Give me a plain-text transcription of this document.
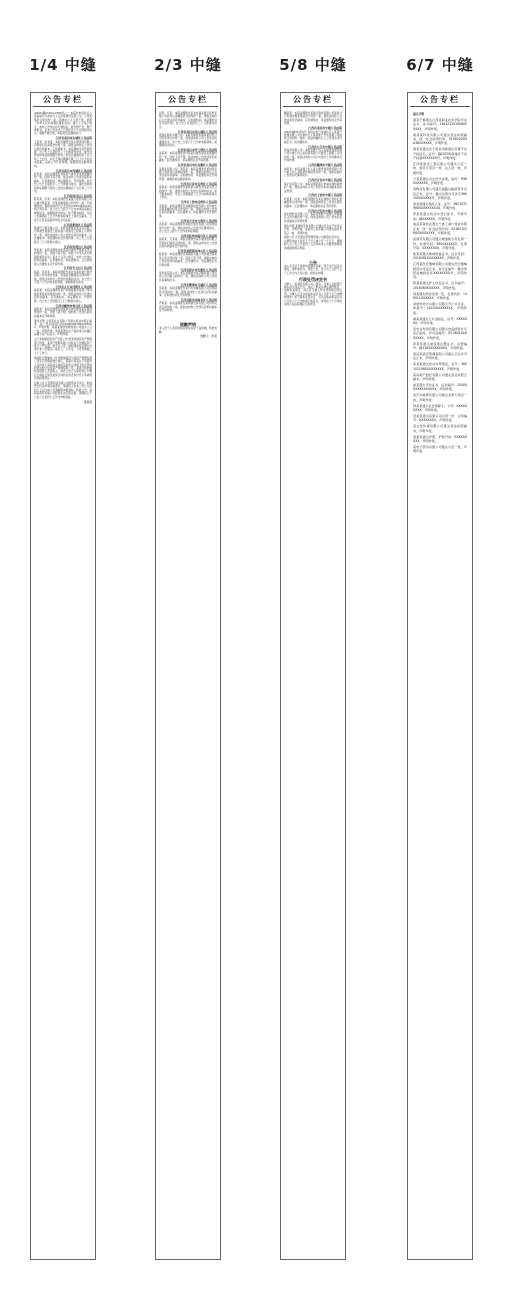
1/4 中缝	2/3 中缝	5/8 中缝	6/7 中缝
公告专栏
(2025)赣0102执2300号之一 本院依申请执行人南昌银行与被执行人江西某商贸有限公司、王某某借款合同纠纷一案，因被执行人下落不明，依照《中华人民共和国民事诉讼法》第九十五条之规定，向你公告送达执行通知书、报告财产令、财产申报表。自本公告发出之日起经过六十日即视为送达。逾期不履行的，本院将依法强制执行。
江西省南昌市东湖区人民法院
王某某、李某某：本院受理原告某小额贷款有限公司诉你们民间借贷纠纷一案，现依法向你们公告送达起诉状副本、应诉通知书、举证通知书及开庭传票。自公告之日起经过三十日即视为送达。提出答辩状和举证的期限分别为公告送达期满后的十五日和三十日内，并定于举证期满后第三日上午九时在本院第三法庭公开开庭审理，逾期将依法缺席裁判。
江西省南昌市西湖区人民法院
张某某：本院受理原告刘某某与被告张某某离婚纠纷一案，因你下落不明，依法向你公告送达起诉状副本、应诉通知书、举证通知书、开庭传票。自发出公告之日起经过三十日即视为送达。提出答辩状和举证期限分别为公告送达期满后十五日和三十日内。
江西省南昌县人民法院
陈某某、彭某：本院受理原告某银行股份有限公司与被告陈某某、彭某金融借款合同纠纷一案，已审理终结。现依法向你们公告送达(2025)赣0121民初字判决书。自公告之日起六十日内来本院领取民事判决书，逾期则视为送达。如不服本判决，可在公告期满后十五日内向本院递交上诉状及副本，上诉于江西省南昌市中级人民法院。
江西省新建区人民法院
某建设工程有限公司：本院受理原告某劳务有限公司诉被告某建设工程有限公司建设工程施工合同纠纷一案，现依法向你公司公告送达起诉状副本、应诉通知书、举证通知书及开庭传票。自公告之日起经过三十日即视为送达。
江西省进贤县人民法院
罗某某：本院受理原告熊某某诉被告罗某某买卖合同纠纷一案，因你下落不明，依照《中华人民共和国民事诉讼法》第九十五条之规定，向你公告送达起诉状副本、应诉通知书、举证通知书、合议庭组成人员通知书及开庭传票。
江西省安义县人民法院
杨某、吴某某：本院受理原告某农村商业银行股份有限公司与被告杨某、吴某某金融借款合同纠纷一案，现依法向你们公告送达民事判决书。自公告之日起六十日内来本院领取，逾期即视为送达。
江西省九江市浔阳区人民法院
黄某某：本院受理原告某汽车销售服务有限公司诉被告黄某某追偿权纠纷一案，现依法向你公告送达起诉状副本、应诉通知书、举证通知书、开庭传票。自公告之日起经过三十日即视为送达。
江西省赣州市章贡区人民法院
谢某某：本院受理原告钟某某诉被告谢某某民间借贷纠纷一案，因你下落不明，现向你公告送达起诉状副本及开庭传票。
遗失声明 江西某实业有限公司遗失营业执照正副本，统一社会信用代码9136010079XXXXXXXX，声明作废。南昌某餐饮管理有限公司遗失公章一枚，声明作废。刘某某遗失位于南昌市红谷滩区房屋不动产权证书，声明作废。
关于并购重组及资产处置公告 经某市国有资产管理部门批准，某资产管理有限公司拟对下列债权资产进行公开处置，现予以公告。债权明细及处置方式请与本公司联系。联系人：万先生。公告有效期二十个工作日。
债权转让暨催收公告 根据某银行与某资产管理有限公司签订的债权转让协议，某银行将其对下列借款人及担保人享有的主债权及担保合同项下的全部权利依法转让给某资产管理有限公司。某银行特此通知各借款人及担保人，请自公告之日起向受让方履行主债权合同及担保合同约定的还本付息义务或相应的担保责任。
注销公告 江西某科技有限公司经股东会决议，拟向登记机关申请注销登记，请债权人自本公告之日起四十五日内向公司清算组申报债权。特此公告。南昌某商贸有限公司经股东决定拟注销，请债权人于公告之日起四十五日内申报债权。
清算组
公告专栏
彭某、万某：本院受理原告某农村商业银行股份有限公司诉你们金融借款合同纠纷一案，现依法向你们公告送达起诉状副本、应诉通知书、举证通知书及开庭传票。自公告之日起经过三十日即视为送达。
江西省南昌市青山湖区人民法院
某物业服务有限公司：本院受理原告胡某某诉你公司劳动争议纠纷一案，现依法向你公司公告送达民事判决书，自公告之日起六十日内来本院领取，逾期即视为送达。
江西省南昌市青云谱区人民法院
涂某某：本院受理原告付某某诉被告涂某某离婚纠纷一案，因你下落不明，依法向你公告送达起诉状副本、应诉通知书、举证通知书及开庭传票。
江西省南昌市红谷滩区人民法院
某置业有限公司、邹某某：本院受理原告某担保有限公司诉你们追偿权纠纷一案，现依法向你们公告送达起诉状副本、应诉通知书、举证通知书及开庭传票，逾期将依法缺席裁判。
江西省宜春市袁州区人民法院
曾某某：本院受理原告晏某某诉被告曾某某买卖合同纠纷一案，现依法向你公告送达民事判决书。如不服本判决，可在公告期满后十五日内向本院递交上诉状。
江西省上饶市信州区人民法院
余某某：本院受理原告某融资租赁有限公司诉被告余某某融资租赁合同纠纷一案，现依法向你公告送达起诉状副本、应诉通知书、举证通知书及开庭传票。
江西省吉安市吉州区人民法院
肖某某：本院受理原告某银行股份有限公司诉你信用卡纠纷一案，现依法向你公告送达民事判决书，自公告之日起六十日内来本院领取。
江西省抚州市临川区人民法院
饶某某、艾某某：本院受理原告某小额贷款有限公司诉你们借款合同纠纷一案，现依法向你们公告送达起诉状副本及开庭传票。
江西省景德镇市珠山区人民法院
程某某：本院受理原告某陶瓷有限公司诉被告程某某买卖合同纠纷一案，因你下落不明，现依法向你公告送达起诉状副本、应诉通知书、举证通知书及开庭传票。
江西省萍乡市安源区人民法院
某贸易有限公司：本院受理原告某运输有限公司诉你公司运输合同纠纷一案，现依法向你公司公告送达民事判决书。
江西省鹰潭市月湖区人民法院
吴某某：本院受理原告某汽车金融有限公司诉你借款合同纠纷一案，现依法向你公告送达起诉状副本、应诉通知书及开庭传票。
江西省新余市渝水区人民法院
严某某：本院受理原告某钢铁贸易有限公司诉你买卖合同纠纷一案，现依法向你公告送达起诉状副本及开庭传票。
致歉声明
本人因个人原因对相关单位造成不良影响，特此致歉。
致歉人：徐某
公告专栏
魏某某：本院受理原告某银行股份有限公司南昌分行诉被告魏某某信用卡纠纷一案，现依法向你公告送达起诉状副本、应诉通知书、举证通知书及开庭传票。
江西省南昌市中级人民法院
(2025)赣01执恢号 本院在执行申请执行人某资产管理有限公司与被执行人某房地产开发有限公司借款合同纠纷一案中，依法向被执行人公告送达执行裁定书、拍卖通知书。
江西省九江市中级人民法院
某投资有限公司：本院受理上诉人某建设集团有限公司与被上诉人某投资有限公司建设工程施工合同纠纷一案，现依法向你公司公告送达上诉状副本及开庭传票。
江西省赣州市中级人民法院
刘某某：本院受理上诉人某小额贷款股份有限公司与被上诉人刘某某民间借贷纠纷一案，现依法向你公告送达民事判决书。
江西省宜春市中级人民法院
某矿业有限公司：本院受理某银行申请实现担保物权一案，现依法向你公司公告送达申请书副本及听证传票。
江西省上饶市中级人民法院
叶某某、叶某：本院受理原告某农商银行诉你们金融借款合同纠纷一案，现依法向你们公告送达起诉状副本、应诉通知书、举证通知书及开庭传票。
江西省吉安市中级人民法院
某生物科技有限公司：本院受理破产管理人申请确认合同无效纠纷一案，现依法向你公司公告送达起诉状副本及开庭传票。
遗失声明 某建筑劳务有限公司遗失安全生产许可证正本，声明作废。某装饰工程有限公司遗失财务专用章一枚，声明作废。
减资公告 江西某投资管理有限公司经股东会决议，注册资本由人民币五千万元减少至一千万元，请债权人自公告之日起四十五日内向本公司要求清偿债务或提供相应担保。
公告
本人名下位于南昌市东湖区房屋，因不动产权证书遗失，现申请补办，特此公告。自公告之日起十五个工作日内无异议的，将依法办理。
行政处罚决定书
当事人：某餐饮有限公司。经查，当事人在经营过程中存在违法行为，违反了相关法律法规的规定，依据有关规定，决定对当事人作出罚款的行政处罚。当事人应当自收到本决定书之日起十五日内缴纳罚款。如不服本处罚决定，可以在收到本决定书之日起六十日内申请行政复议，或者在六个月内依法向人民法院提起行政诉讼。
公告专栏
遗失声明
黄某不慎遗失江西某职业技术学院毕业证书，证书编号：136121201906000XXX，声明作废。
南昌某科技有限公司遗失营业执照副本，统一社会信用代码：91360100MA38XXXXXX，声明作废。
胡某某遗失位于南昌市新建区房屋不动产权证书，证号：赣(2020)新建区不动产权第00XXXXX号，声明作废。
江西某建设工程有限公司遗失公章一枚、财务专用章一枚、法人章一枚，声明作废。
万某某遗失出生医学证明，编号：R360XXXXXX，声明作废。
某物流有限公司遗失道路运输经营许可证正本，证号：赣交运管许可洪字3601000XXXXX号，声明作废。
徐某某遗失残疾人证，证号：3601031980XXXXXXXX44，声明作废。
罗某某遗失机动车登记证书，号牌号码：赣AXXXXX，声明作废。
南昌某餐饮店遗失个体工商户营业执照正本，统一社会信用代码：92360102MA3XXXXXXX，声明作废。
某商贸有限公司遗失增值税专用发票一份，发票代码：3600XXXXXX，发票号码：0XXXXXXX，声明作废。
熊某某遗失教师资格证书，证书号码：2018361XXXXXXXX，声明作废。
江西某医疗器械有限公司遗失医疗器械经营许可证正本，许可证编号：赣洪食药监械经营许XXXXXXXX号，声明作废。
陈某某遗失护士执业证书，证书编号：2016360XXXXXX，声明作废。
刘某遗失购房发票一张，发票代码：136011XXXXXX，声明作废。
某装饰设计有限公司遗失开户许可证，核准号：J42100XXXXXXX，声明作废。
龚某某遗失士兵退役证，证号：XXXXXXX，声明作废。
某农业发展有限公司遗失食品经营许可证正副本，许可证编号：JY13601XXXXXXXX，声明作废。
彭某某遗失建造师注册证书，注册编号：赣136XXXXXXXXX，声明作废。
南昌某酒店管理有限公司遗失卫生许可证正本，声明作废。
邓某某遗失机动车驾驶证，证号：3601021985XXXXXXXX，声明作废。
某房地产经纪有限公司遗失营业执照正副本，声明作废。
涂某遗失学位证书，证书编号：1040XXXXXXXXXXXX，声明作废。
某汽车维修有限公司遗失发票专用章一枚，声明作废。
钟某某遗失社会保障卡，卡号：XXXXXXXXX，声明作废。
吴某某遗失房屋买卖合同一份，合同编号：XXXXXXXX，声明作废。
某文化传媒有限公司遗失营业执照副本，声明作废。
蔡某某遗失护照，护照号码：EXXXXXXXX，声明作废。
某电子商务有限公司遗失公章一枚，声明作废。
